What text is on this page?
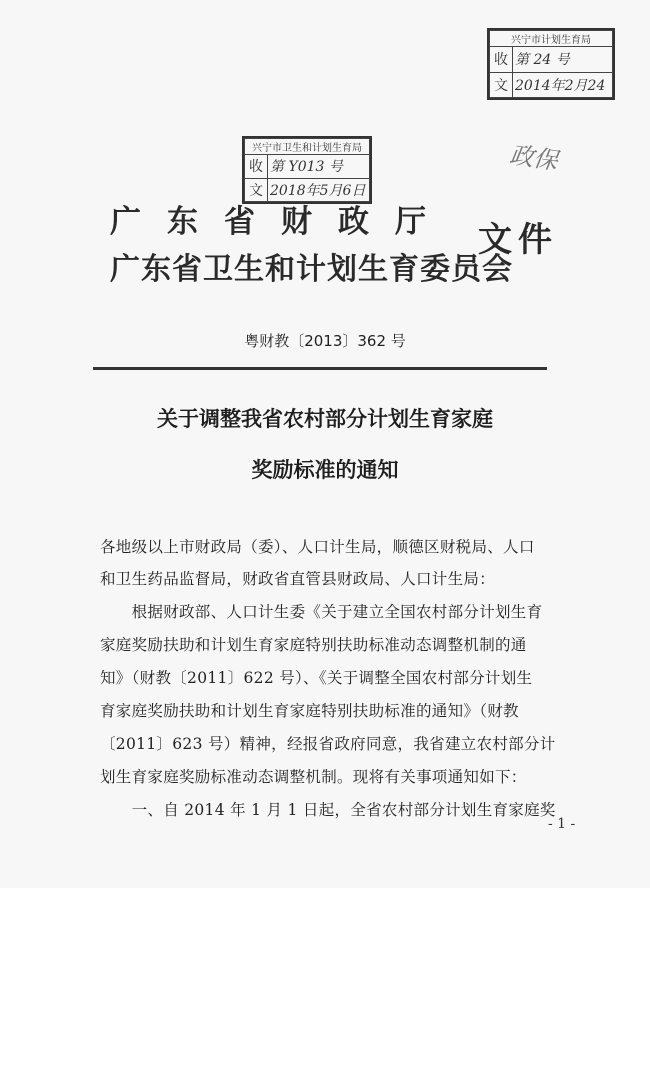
兴宁市计划生育局	
收	第 24 号
文	2014年2月24
兴宁市卫生和计划生育局	
收	第 Y013 号
文	2018年5月6日
政保
广东省财政厅
广东省卫生和计划生育委员会
文件
粤财教〔2013〕362 号
关于调整我省农村部分计划生育家庭
奖励标准的通知
各地级以上市财政局（委）、人口计生局，顺德区财税局、人口
和卫生药品监督局，财政省直管县财政局、人口计生局：
　　根据财政部、人口计生委《关于建立全国农村部分计划生育
家庭奖励扶助和计划生育家庭特别扶助标准动态调整机制的通
知》（财教〔2011〕622 号）、《关于调整全国农村部分计划生
育家庭奖励扶助和计划生育家庭特别扶助标准的通知》（财教
〔2011〕623 号）精神，经报省政府同意，我省建立农村部分计
划生育家庭奖励标准动态调整机制。现将有关事项通知如下：
　　一、自 2014 年 1 月 1 日起，全省农村部分计划生育家庭奖
- 1 -
